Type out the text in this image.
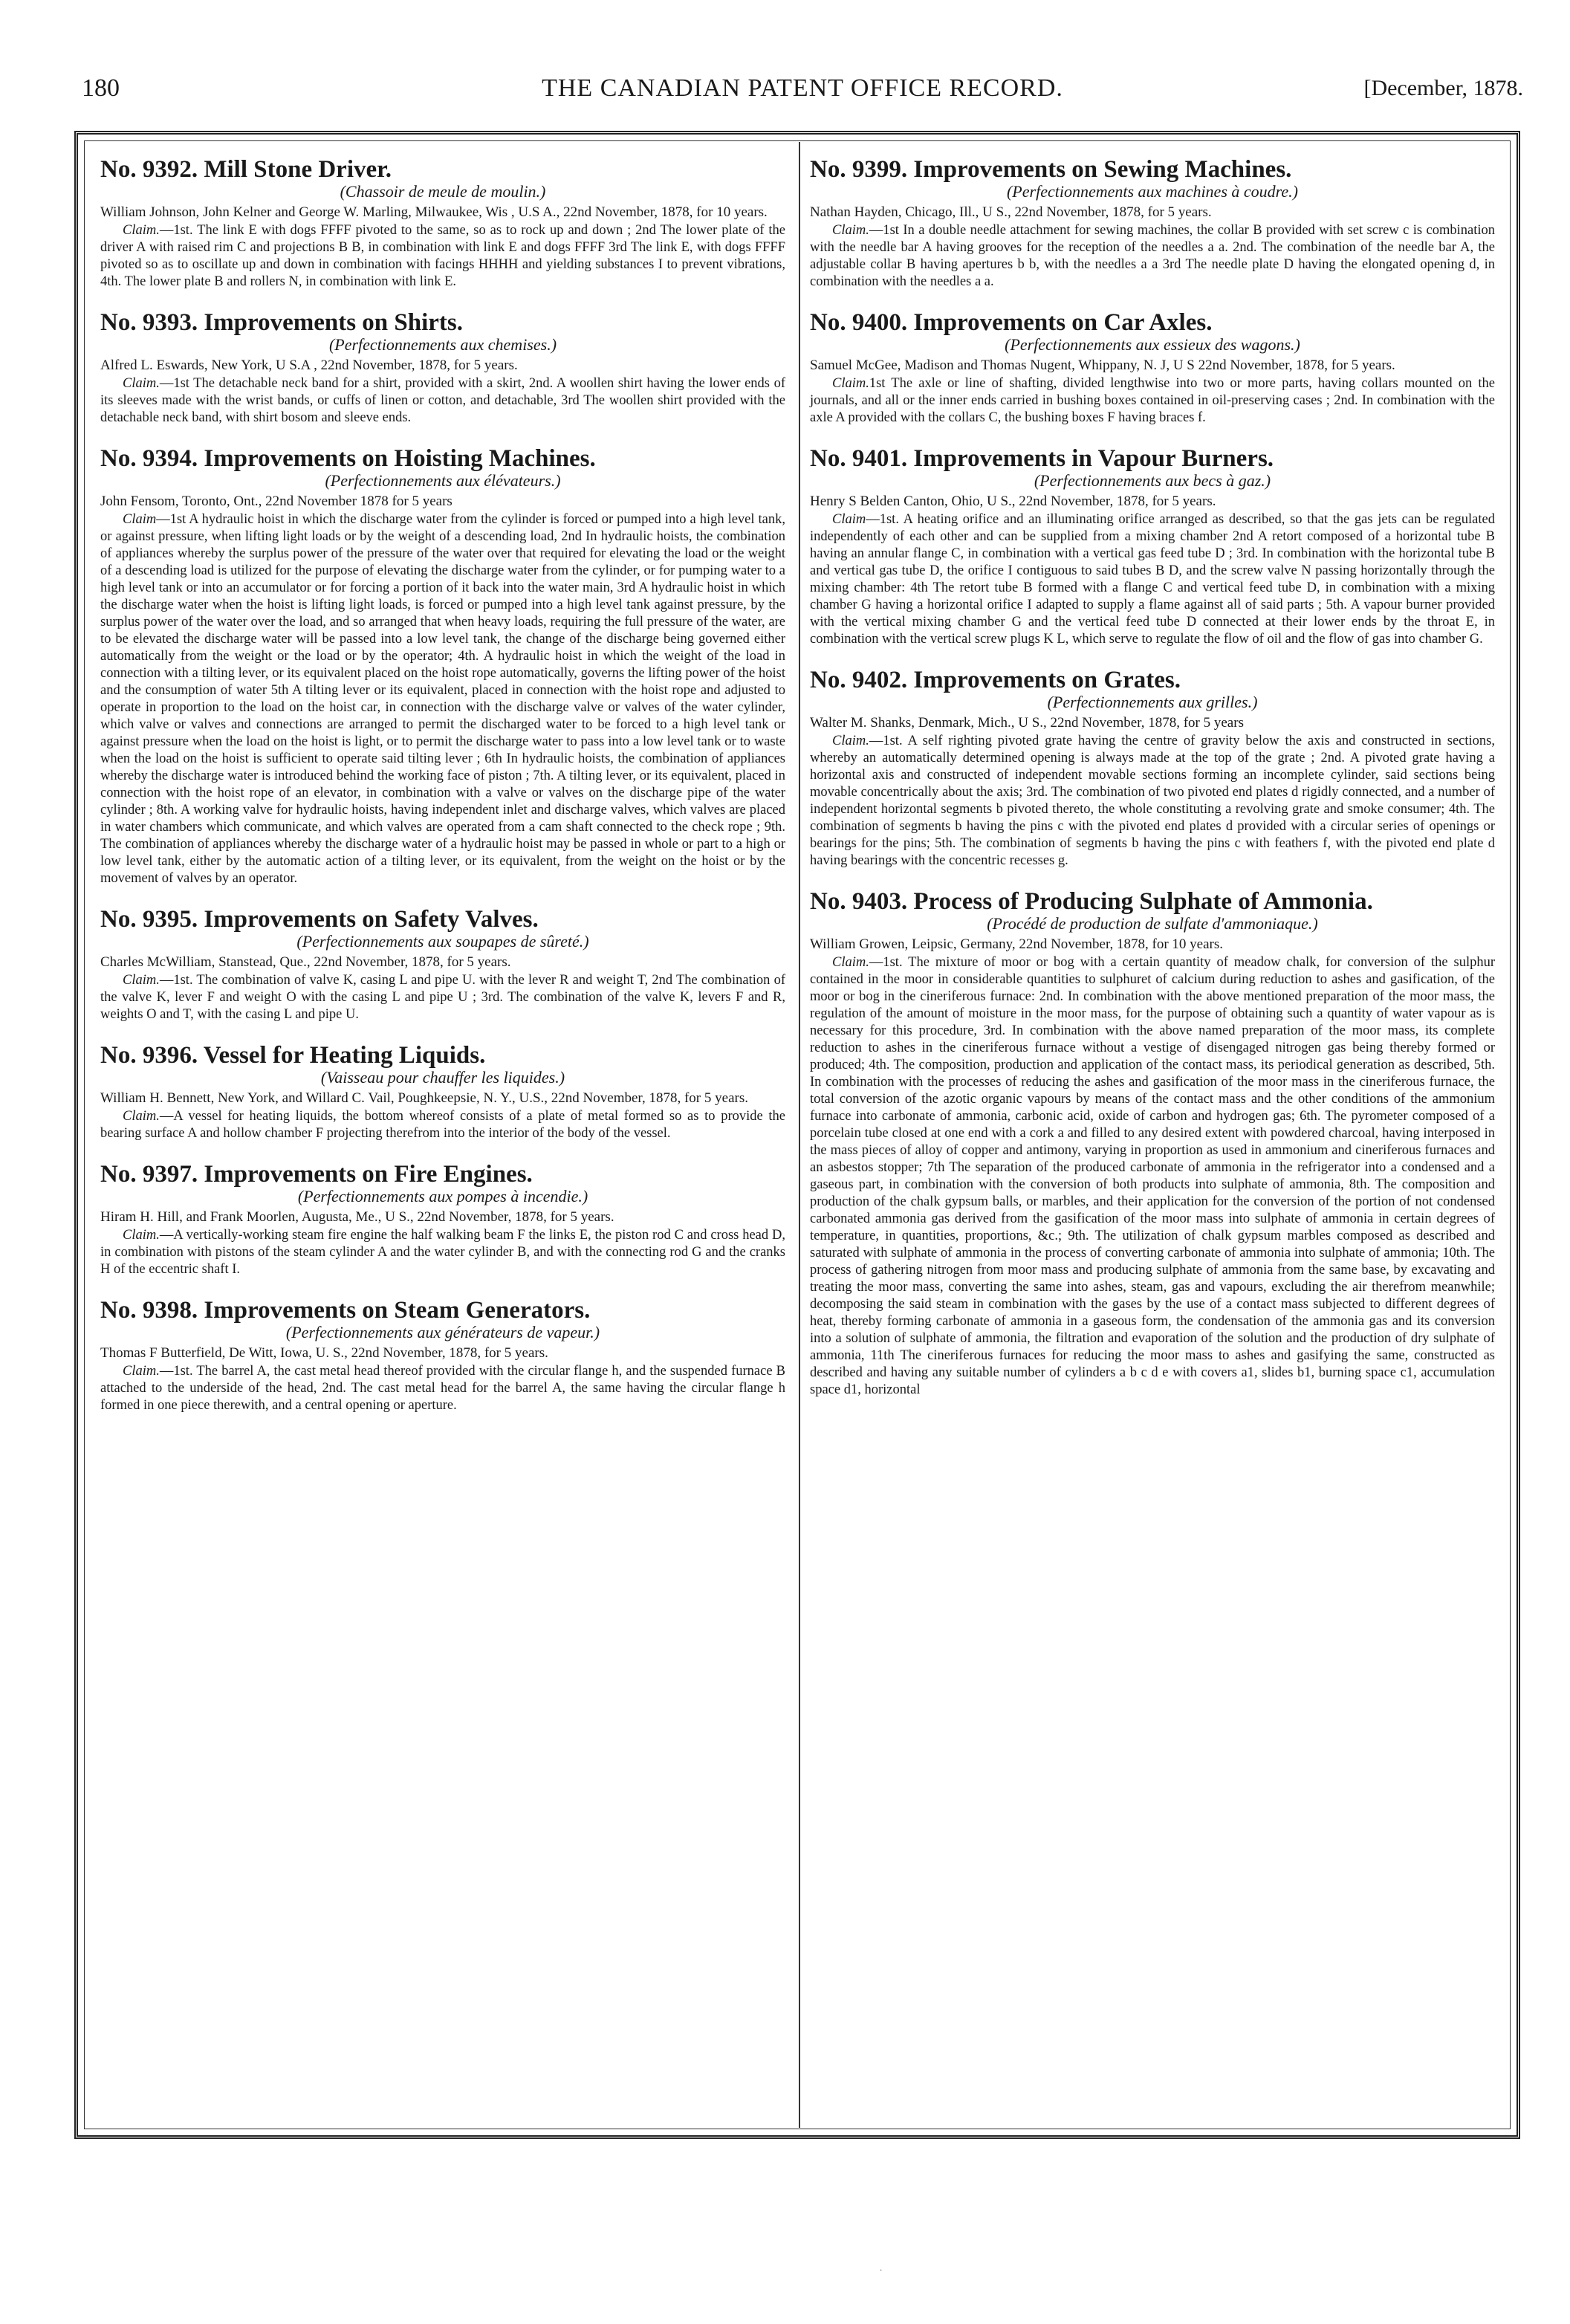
180	THE CANADIAN PATENT OFFICE RECORD.	[December, 1878.
No. 9392. Mill Stone Driver.
(Chassoir de meule de moulin.)

William Johnson, John Kelner and George W. Marling, Milwaukee, Wis , U.S A., 22nd November, 1878, for 10 years.

Claim.—1st. The link E with dogs FFFF pivoted to the same, so as to rock up and down ; 2nd The lower plate of the driver A with raised rim C and projections B B, in combination with link E and dogs FFFF 3rd The link E, with dogs FFFF pivoted so as to oscillate up and down in combination with facings HHHH and yielding substances I to prevent vibrations, 4th. The lower plate B and rollers N, in combination with link E.

No. 9393. Improvements on Shirts.
(Perfectionnements aux chemises.)

Alfred L. Eswards, New York, U S.A , 22nd November, 1878, for 5 years.

Claim.—1st The detachable neck band for a shirt, provided with a skirt, 2nd. A woollen shirt having the lower ends of its sleeves made with the wrist bands, or cuffs of linen or cotton, and detachable, 3rd The woollen shirt provided with the detachable neck band, with shirt bosom and sleeve ends.

No. 9394. Improvements on Hoisting Machines.
(Perfectionnements aux élévateurs.)

John Fensom, Toronto, Ont., 22nd November 1878 for 5 years

Claim—1st A hydraulic hoist in which the discharge water from the cylinder is forced or pumped into a high level tank, or against pressure, when lifting light loads or by the weight of a descending load, 2nd In hydraulic hoists, the combination of appliances whereby the surplus power of the pressure of the water over that required for elevating the load or the weight of a descending load is utilized for the purpose of elevating the discharge water from the cylinder, or for pumping water to a high level tank or into an accumulator or for forcing a portion of it back into the water main, 3rd A hydraulic hoist in which the discharge water when the hoist is lifting light loads, is forced or pumped into a high level tank against pressure, by the surplus power of the water over the load, and so arranged that when heavy loads, requiring the full pressure of the water, are to be elevated the discharge water will be passed into a low level tank, the change of the discharge being governed either automatically from the weight or the load or by the operator; 4th. A hydraulic hoist in which the weight of the load in connection with a tilting lever, or its equivalent placed on the hoist rope automatically, governs the lifting power of the hoist and the consumption of water 5th A tilting lever or its equivalent, placed in connection with the hoist rope and adjusted to operate in proportion to the load on the hoist car, in connection with the discharge valve or valves of the water cylinder, which valve or valves and connections are arranged to permit the discharged water to be forced to a high level tank or against pressure when the load on the hoist is light, or to permit the discharge water to pass into a low level tank or to waste when the load on the hoist is sufficient to operate said tilting lever ; 6th In hydraulic hoists, the combination of appliances whereby the discharge water is introduced behind the working face of piston ; 7th. A tilting lever, or its equivalent, placed in connection with the hoist rope of an elevator, in combination with a valve or valves on the discharge pipe of the water cylinder ; 8th. A working valve for hydraulic hoists, having independent inlet and discharge valves, which valves are placed in water chambers which communicate, and which valves are operated from a cam shaft connected to the check rope ; 9th. The combination of appliances whereby the discharge water of a hydraulic hoist may be passed in whole or part to a high or low level tank, either by the automatic action of a tilting lever, or its equivalent, from the weight on the hoist or by the movement of valves by an operator.

No. 9395. Improvements on Safety Valves.
(Perfectionnements aux soupapes de sûreté.)

Charles McWilliam, Stanstead, Que., 22nd November, 1878, for 5 years.

Claim.—1st. The combination of valve K, casing L and pipe U. with the lever R and weight T, 2nd The combination of the valve K, lever F and weight O with the casing L and pipe U ; 3rd. The combination of the valve K, levers F and R, weights O and T, with the casing L and pipe U.

No. 9396. Vessel for Heating Liquids.
(Vaisseau pour chauffer les liquides.)

William H. Bennett, New York, and Willard C. Vail, Poughkeepsie, N. Y., U.S., 22nd November, 1878, for 5 years.

Claim.—A vessel for heating liquids, the bottom whereof consists of a plate of metal formed so as to provide the bearing surface A and hollow chamber F projecting therefrom into the interior of the body of the vessel.

No. 9397. Improvements on Fire Engines.
(Perfectionnements aux pompes à incendie.)

Hiram H. Hill, and Frank Moorlen, Augusta, Me., U S., 22nd November, 1878, for 5 years.

Claim.—A vertically-working steam fire engine the half walking beam F the links E, the piston rod C and cross head D, in combination with pistons of the steam cylinder A and the water cylinder B, and with the connecting rod G and the cranks H of the eccentric shaft I.

No. 9398. Improvements on Steam Generators.
(Perfectionnements aux générateurs de vapeur.)

Thomas F Butterfield, De Witt, Iowa, U. S., 22nd November, 1878, for 5 years.

Claim.—1st. The barrel A, the cast metal head thereof provided with the circular flange h, and the suspended furnace B attached to the underside of the head, 2nd. The cast metal head for the barrel A, the same having the circular flange h formed in one piece therewith, and a central opening or aperture.

No. 9399. Improvements on Sewing Machines.
(Perfectionnements aux machines à coudre.)

Nathan Hayden, Chicago, Ill., U S., 22nd November, 1878, for 5 years.

Claim.—1st In a double needle attachment for sewing machines, the collar B provided with set screw c is combination with the needle bar A having grooves for the reception of the needles a a. 2nd. The combination of the needle bar A, the adjustable collar B having apertures b b, with the needles a a 3rd The needle plate D having the elongated opening d, in combination with the needles a a.

No. 9400. Improvements on Car Axles.
(Perfectionnements aux essieux des wagons.)

Samuel McGee, Madison and Thomas Nugent, Whippany, N. J, U S 22nd November, 1878, for 5 years.

Claim.1st The axle or line of shafting, divided lengthwise into two or more parts, having collars mounted on the journals, and all or the inner ends carried in bushing boxes contained in oil-preserving cases ; 2nd. In combination with the axle A provided with the collars C, the bushing boxes F having braces f.

No. 9401. Improvements in Vapour Burners.
(Perfectionnements aux becs à gaz.)

Henry S Belden Canton, Ohio, U S., 22nd November, 1878, for 5 years.

Claim—1st. A heating orifice and an illuminating orifice arranged as described, so that the gas jets can be regulated independently of each other and can be supplied from a mixing chamber 2nd A retort composed of a horizontal tube B having an annular flange C, in combination with a vertical gas feed tube D ; 3rd. In combination with the horizontal tube B and vertical gas tube D, the orifice I contiguous to said tubes B D, and the screw valve N passing horizontally through the mixing chamber: 4th The retort tube B formed with a flange C and vertical feed tube D, in combination with a mixing chamber G having a horizontal orifice I adapted to supply a flame against all of said parts ; 5th. A vapour burner provided with the vertical mixing chamber G and the vertical feed tube D connected at their lower ends by the throat E, in combination with the vertical screw plugs K L, which serve to regulate the flow of oil and the flow of gas into chamber G.

No. 9402. Improvements on Grates.
(Perfectionnements aux grilles.)

Walter M. Shanks, Denmark, Mich., U S., 22nd November, 1878, for 5 years

Claim.—1st. A self righting pivoted grate having the centre of gravity below the axis and constructed in sections, whereby an automatically determined opening is always made at the top of the grate ; 2nd. A pivoted grate having a horizontal axis and constructed of independent movable sections forming an incomplete cylinder, said sections being movable concentrically about the axis; 3rd. The combination of two pivoted end plates d rigidly connected, and a number of independent horizontal segments b pivoted thereto, the whole constituting a revolving grate and smoke consumer; 4th. The combination of segments b having the pins c with the pivoted end plates d provided with a circular series of openings or bearings for the pins; 5th. The combination of segments b having the pins c with feathers f, with the pivoted end plate d having bearings with the concentric recesses g.

No. 9403. Process of Producing Sulphate of Ammonia.
(Procédé de production de sulfate d'ammoniaque.)

William Growen, Leipsic, Germany, 22nd November, 1878, for 10 years.

Claim.—1st. The mixture of moor or bog with a certain quantity of meadow chalk, for conversion of the sulphur contained in the moor in considerable quantities to sulphuret of calcium during reduction to ashes and gasification, of the moor or bog in the cineriferous furnace: 2nd. In combination with the above mentioned preparation of the moor mass, the regulation of the amount of moisture in the moor mass, for the purpose of obtaining such a quantity of water vapour as is necessary for this procedure, 3rd. In combination with the above named preparation of the moor mass, its complete reduction to ashes in the cineriferous furnace without a vestige of disengaged nitrogen gas being thereby formed or produced; 4th. The composition, production and application of the contact mass, its periodical generation as described, 5th. In combination with the processes of reducing the ashes and gasification of the moor mass in the cineriferous furnace, the total conversion of the azotic organic vapours by means of the contact mass and the other conditions of the ammonium furnace into carbonate of ammonia, carbonic acid, oxide of carbon and hydrogen gas; 6th. The pyrometer composed of a porcelain tube closed at one end with a cork a and filled to any desired extent with powdered charcoal, having interposed in the mass pieces of alloy of copper and antimony, varying in proportion as used in ammonium and cineriferous furnaces and an asbestos stopper; 7th The separation of the produced carbonate of ammonia in the refrigerator into a condensed and a gaseous part, in combination with the conversion of both products into sulphate of ammonia, 8th. The composition and production of the chalk gypsum balls, or marbles, and their application for the conversion of the portion of not condensed carbonated ammonia gas derived from the gasification of the moor mass into sulphate of ammonia in certain degrees of temperature, in quantities, proportions, &c.; 9th. The utilization of chalk gypsum marbles composed as described and saturated with sulphate of ammonia in the process of converting carbonate of ammonia into sulphate of ammonia; 10th. The process of gathering nitrogen from moor mass and producing sulphate of ammonia from the same base, by excavating and treating the moor mass, converting the same into ashes, steam, gas and vapours, excluding the air therefrom meanwhile; decomposing the said steam in combination with the gases by the use of a contact mass subjected to different degrees of heat, thereby forming carbonate of ammonia in a gaseous form, the condensation of the ammonia gas and its conversion into a solution of sulphate of ammonia, the filtration and evaporation of the solution and the production of dry sulphate of ammonia, 11th The cineriferous furnaces for reducing the moor mass to ashes and gasifying the same, constructed as described and having any suitable number of cylinders a b c d e with covers a1, slides b1, burning space c1, accumulation space d1, horizontal

·
